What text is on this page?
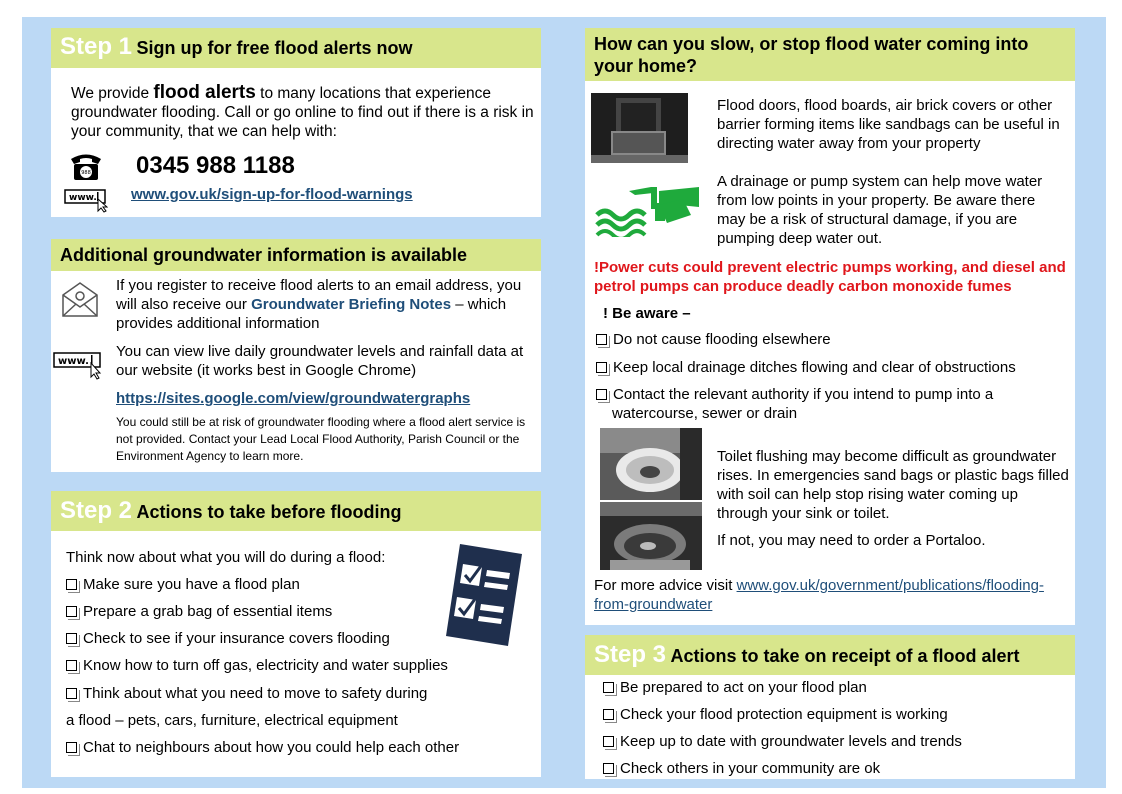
Step 1 Sign up for free flood alerts now
We provide flood alerts to many locations that experience groundwater flooding. Call or go online to find out if there is a risk in your community, that we can help with:
988 0345 988 1188
www. www.gov.uk/sign-up-for-flood-warnings
Additional groundwater information is available
If you register to receive flood alerts to an email address, you will also receive our Groundwater Briefing Notes – which provides additional information
www.
You can view live daily groundwater levels and rainfall data at our website (it works best in Google Chrome)
https://sites.google.com/view/groundwatergraphs
You could still be at risk of groundwater flooding where a flood alert service is not provided. Contact your Lead Local Flood Authority, Parish Council or the Environment Agency to learn more.
Step 2 Actions to take before flooding
Think now about what you will do during a flood:
Make sure you have a flood plan
Prepare a grab bag of essential items
Check to see if your insurance covers flooding
Know how to turn off gas, electricity and water supplies
Think about what you need to move to safety during
a flood – pets, cars, furniture, electrical equipment
Chat to neighbours about how you could help each other
How can you slow, or stop flood water coming into your home?
Flood doors, flood boards, air brick covers or other barrier forming items like sandbags can be useful in directing water away from your property
A drainage or pump system can help move water from low points in your property. Be aware there may be a risk of structural damage, if you are pumping deep water out.
!Power cuts could prevent electric pumps working, and diesel and petrol pumps can produce deadly carbon monoxide fumes
! Be aware –
Do not cause flooding elsewhere
Keep local drainage ditches flowing and clear of obstructions
Contact the relevant authority if you intend to pump into a
watercourse, sewer or drain
Toilet flushing may become difficult as groundwater rises. In emergencies sand bags or plastic bags filled with soil can help stop rising water coming up through your sink or toilet.
If not, you may need to order a Portaloo.
For more advice visit www.gov.uk/government/publications/flooding-from-groundwater
Step 3 Actions to take on receipt of a flood alert
Be prepared to act on your flood plan
Check your flood protection equipment is working
Keep up to date with groundwater levels and trends
Check others in your community are ok
